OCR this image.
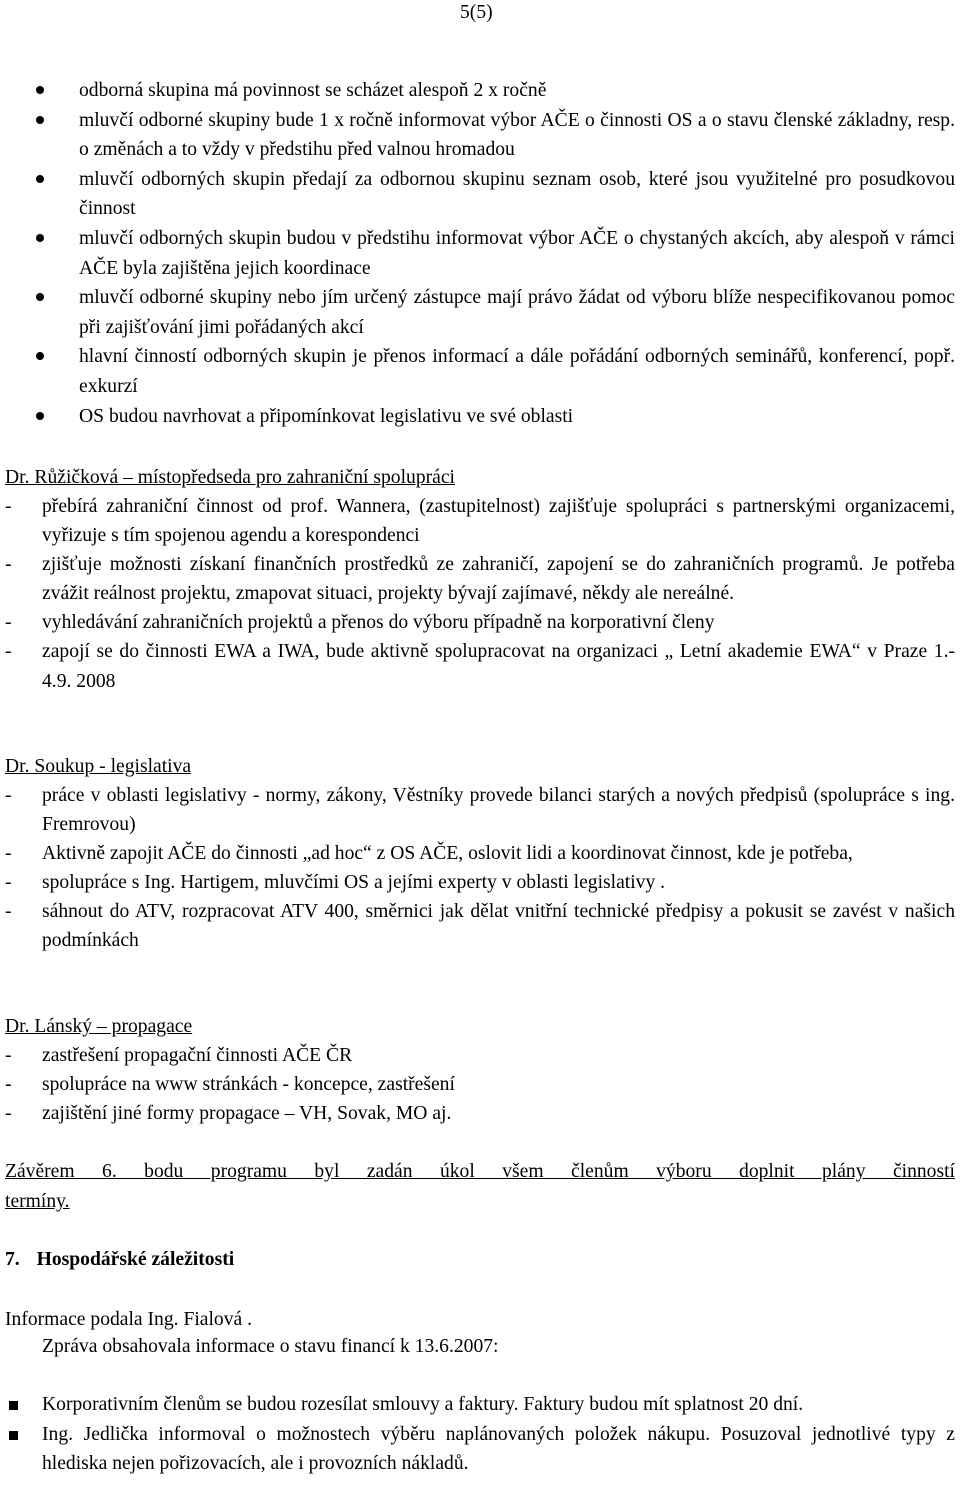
5(5)
odborná skupina má povinnost se scházet alespoň 2 x ročně
mluvčí odborné skupiny bude 1 x ročně informovat výbor AČE o činnosti OS a o stavu členské základny, resp. o změnách a to vždy v předstihu před valnou hromadou
mluvčí odborných skupin předají za odbornou skupinu seznam osob, které jsou využitelné pro posudkovou činnost
mluvčí odborných skupin budou v předstihu informovat výbor AČE o chystaných akcích, aby alespoň v rámci AČE byla zajištěna jejich koordinace
mluvčí odborné skupiny nebo jím určený zástupce mají právo žádat od výboru blíže nespecifikovanou pomoc při zajišťování jimi pořádaných akcí
hlavní činností odborných skupin je přenos informací a dále pořádání odborných seminářů, konferencí, popř. exkurzí
OS budou navrhovat a připomínkovat legislativu ve své oblasti
Dr. Růžičková – místopředseda pro zahraniční spolupráci
- přebírá zahraniční činnost od prof. Wannera, (zastupitelnost) zajišťuje spolupráci s partnerskými organizacemi, vyřizuje s tím spojenou agendu a korespondenci
- zjišťuje možnosti získaní finančních prostředků ze zahraničí, zapojení se do zahraničních programů. Je potřeba zvážit reálnost projektu, zmapovat situaci, projekty bývají zajímavé, někdy ale nereálné.
- vyhledávání zahraničních projektů a přenos do výboru případně na korporativní členy
- zapojí se do činnosti EWA a IWA, bude aktivně spolupracovat na organizaci „ Letní akademie EWA“ v Praze 1.- 4.9. 2008
Dr. Soukup - legislativa
- práce v oblasti legislativy - normy, zákony, Věstníky provede bilanci starých a nových předpisů (spolupráce s ing. Fremrovou)
- Aktivně zapojit AČE do činnosti „ad hoc“ z OS AČE, oslovit lidi a koordinovat činnost, kde je potřeba,
- spolupráce s Ing. Hartigem, mluvčími OS a jejími experty v oblasti legislativy .
- sáhnout do ATV, rozpracovat ATV 400, směrnici jak dělat vnitřní technické předpisy a pokusit se zavést v našich podmínkách
Dr. Lánský – propagace
- zastřešení propagační činnosti AČE ČR
- spolupráce na www stránkách - koncepce, zastřešení
- zajištění jiné formy propagace – VH, Sovak, MO aj.
Závěrem 6. bodu programu byl zadán úkol všem členům výboru doplnit plány činností
termíny.
7. Hospodářské záležitosti
Informace podala Ing. Fialová .
Zpráva obsahovala informace o stavu financí k 13.6.2007:
Korporativním členům se budou rozesílat smlouvy a faktury. Faktury budou mít splatnost 20 dní.
Ing. Jedlička informoval o možnostech výběru naplánovaných položek nákupu. Posuzoval jednotlivé typy z hlediska nejen pořizovacích, ale i provozních nákladů.
